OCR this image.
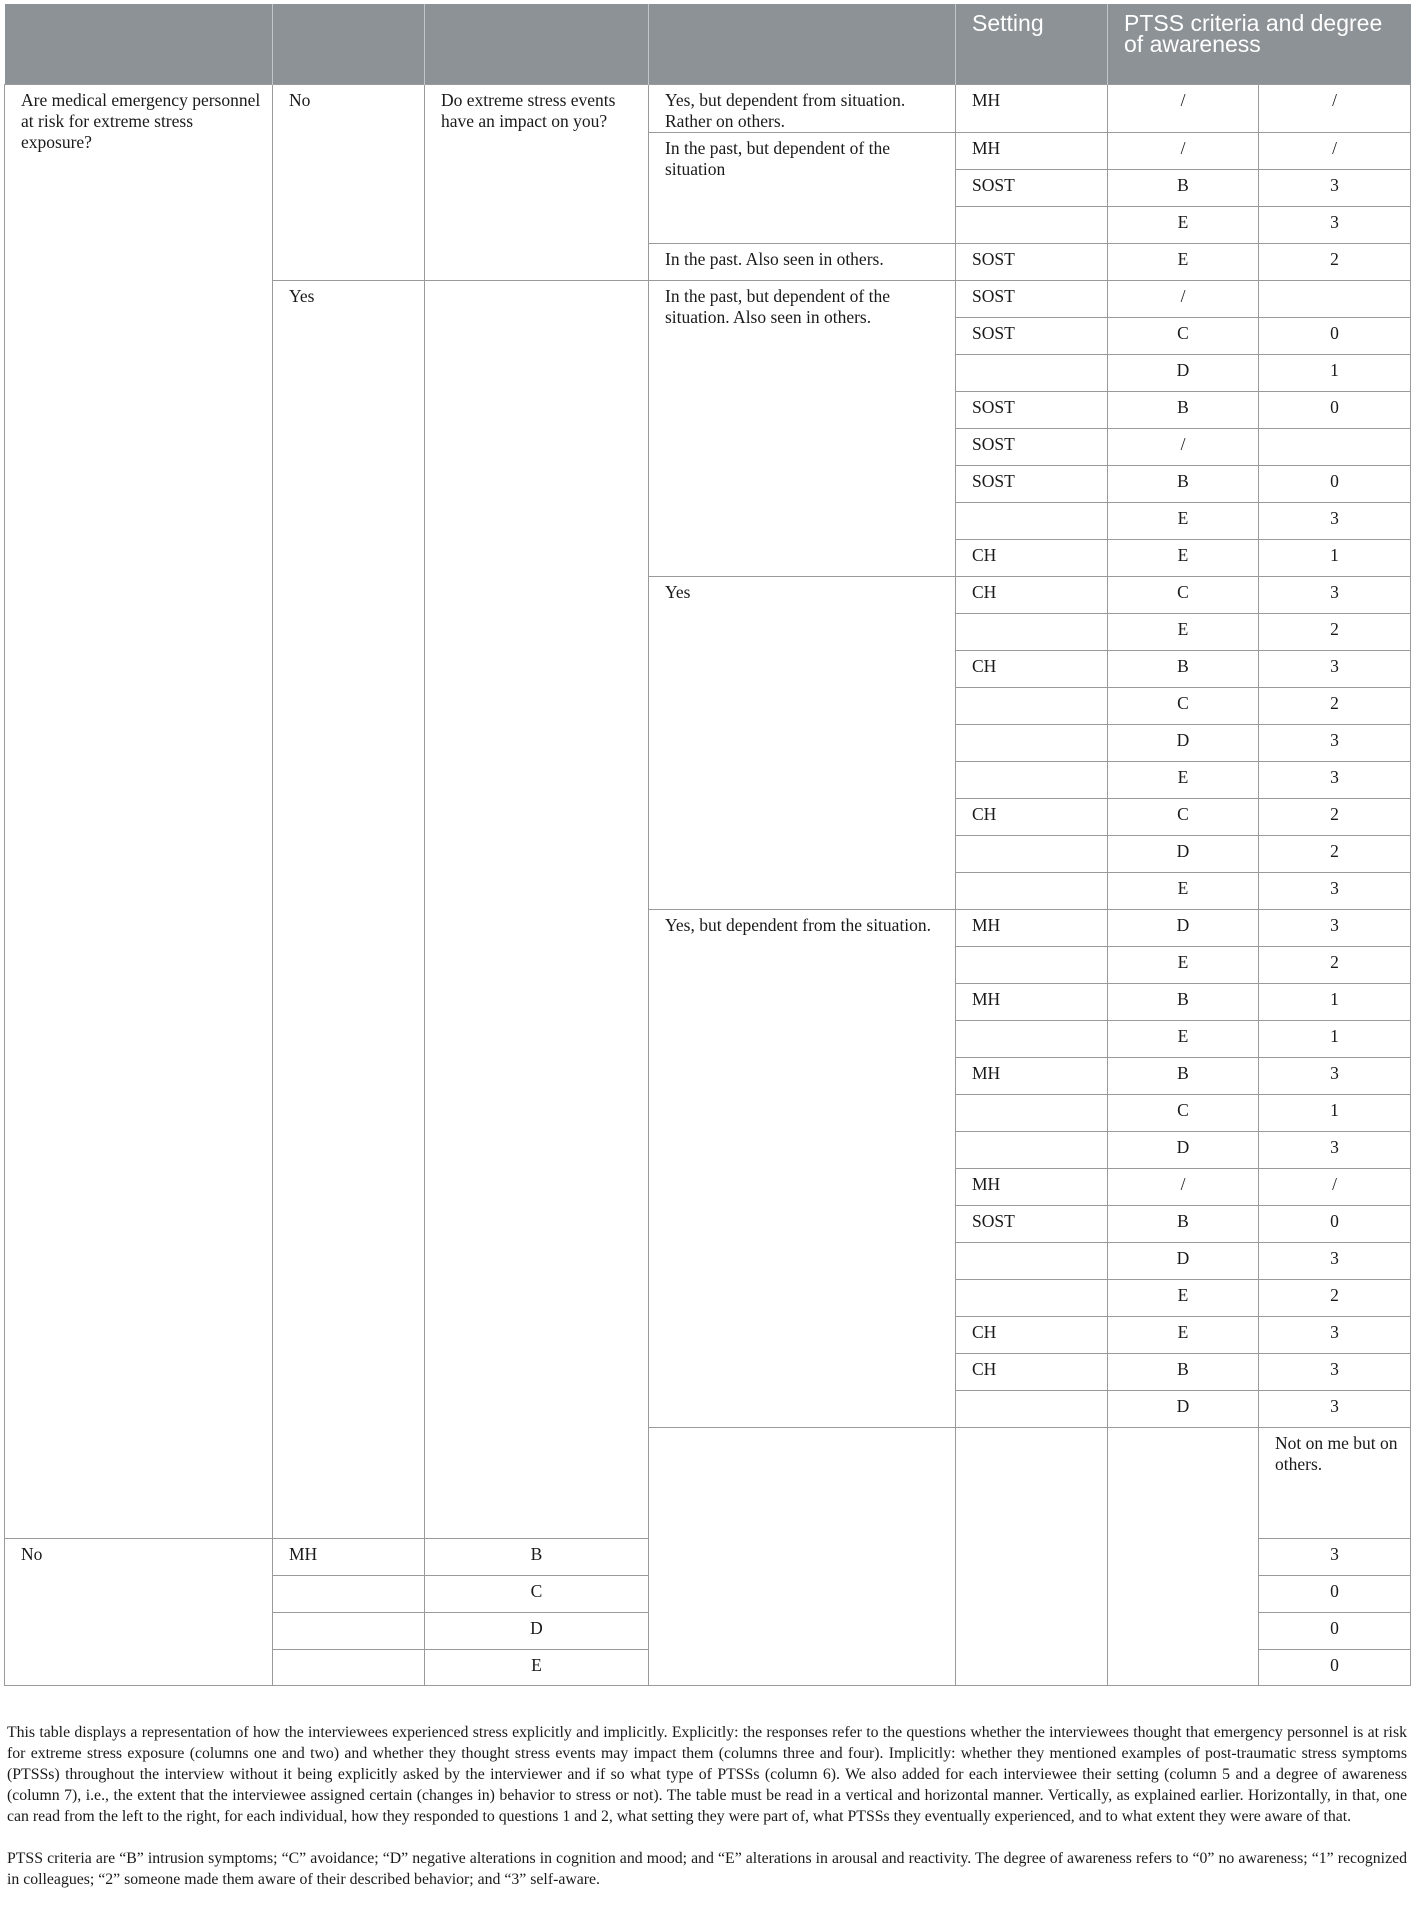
				Setting	PTSS criteria and degree of awareness		
Are medical emergency personnel at risk for extreme stress exposure?	No	Do extreme stress events have an impact on you?	Yes, but dependent from situation. Rather on others.	MH	/	/	
			In the past, but dependent of the situation	MH	/	/	
				SOST	B	3	
					E	3	
			In the past. Also seen in others.	SOST	E	2	
	Yes		In the past, but dependent of the situation. Also seen in others.	SOST	/		
				SOST	C	0	
					D	1	
				SOST	B	0	
				SOST	/		
				SOST	B	0	
					E	3	
				CH	E	1	
			Yes	CH	C	3	
					E	2	
				CH	B	3	
					C	2	
					D	3	
					E	3	
				CH	C	2	
					D	2	
					E	3	
			Yes, but dependent from the situation.	MH	D	3	
					E	2	
				MH	B	1	
					E	1	
				MH	B	3	
					C	1	
					D	3	
				MH	/	/	
				SOST	B	0	
					D	3	
					E	2	
				CH	E	3	
				CH	B	3	
					D	3	
						Not on me but on others.			

No	MH	B				3	
		C				0	
		D				0	
		E				0	

This table displays a representation of how the interviewees experienced stress explicitly and implicitly. Explicitly: the responses refer to the questions whether the interviewees thought that emergency personnel is at risk for extreme stress exposure (columns one and two) and whether they thought stress events may impact them (columns three and four). Implicitly: whether they mentioned examples of post-traumatic stress symptoms (PTSSs) throughout the interview without it being explicitly asked by the interviewer and if so what type of PTSSs (column 6). We also added for each interviewee their setting (column 5 and a degree of awareness (column 7), i.e., the extent that the interviewee assigned certain (changes in) behavior to stress or not). The table must be read in a vertical and horizontal manner. Vertically, as explained earlier. Horizontally, in that, one can read from the left to the right, for each individual, how they responded to questions 1 and 2, what setting they were part of, what PTSSs they eventually experienced, and to what extent they were aware of that.

PTSS criteria are “B” intrusion symptoms; “C” avoidance; “D” negative alterations in cognition and mood; and “E” alterations in arousal and reactivity. The degree of awareness refers to “0” no awareness; “1” recognized in colleagues; “2” someone made them aware of their described behavior; and “3” self-aware.
